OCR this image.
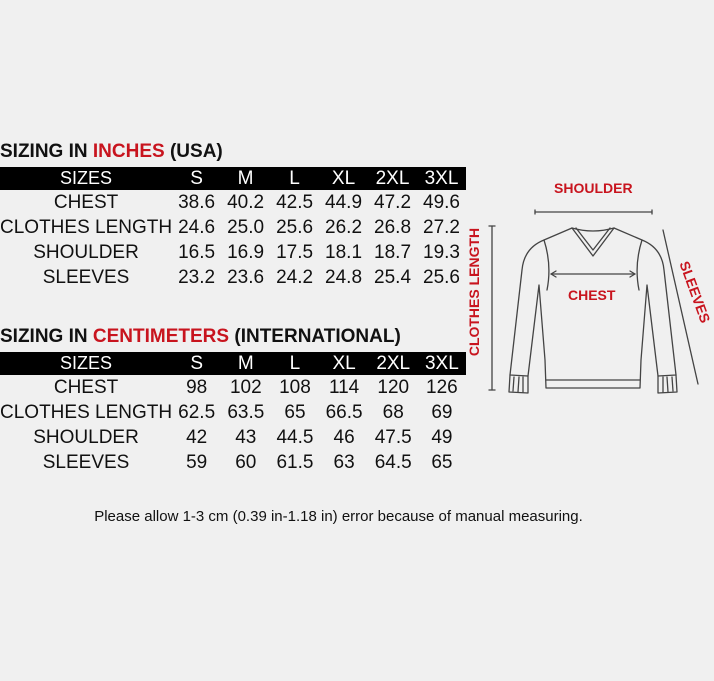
SIZING IN INCHES (USA)
SIZES	S	M	L	XL	2XL	3XL
CHEST	38.6	40.2	42.5	44.9	47.2	49.6
CLOTHES LENGTH	24.6	25.0	25.6	26.2	26.8	27.2
SHOULDER	16.5	16.9	17.5	18.1	18.7	19.3
SLEEVES	23.2	23.6	24.2	24.8	25.4	25.6
SIZING IN CENTIMETERS (INTERNATIONAL)
SIZES	S	M	L	XL	2XL	3XL
CHEST	98	102	108	114	120	126
CLOTHES LENGTH	62.5	63.5	65	66.5	68	69
SHOULDER	42	43	44.5	46	47.5	49
SLEEVES	59	60	61.5	63	64.5	65
SHOULDER
CHEST
CLOTHES LENGTH	SLEEVES
Please allow 1-3 cm (0.39 in-1.18 in) error because of manual measuring.
